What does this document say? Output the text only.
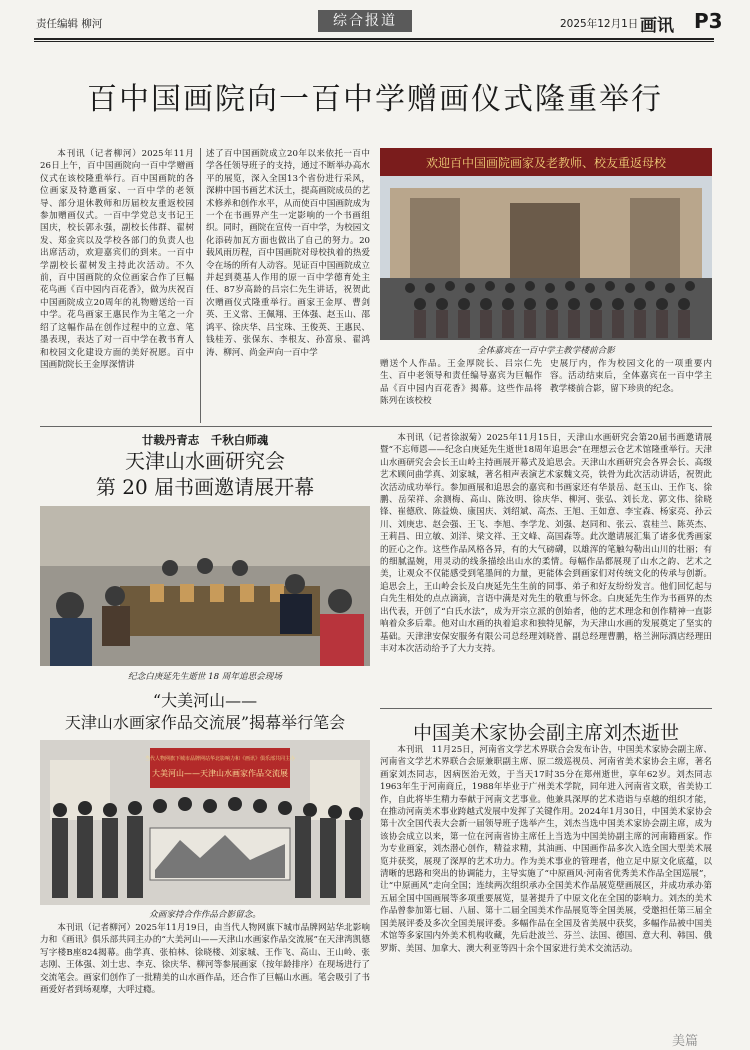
责任编辑 柳河	综合报道	2025年12月1日 画讯 P3
百中国画院向一百中学赠画仪式隆重举行

本刊讯（记者柳河）2025年11月26日上午，百中国画院向一百中学赠画仪式在该校隆重举行。百中国画院的各位画家及特邀画家、一百中学的老领导、部分退休教师和历届校友重返校园参加赠画仪式。一百中学党总支书记王国庆，校长郭永强，副校长伟群、翟树发、郑金宾以及学校各部门的负责人也出席活动，欢迎嘉宾们的到来。一百中学副校长翟树发主持此次活动。不久前，百中国画院的众位画家合作了巨幅花鸟画《百中园内百花香》，做为庆祝百中国画院成立20周年的礼物赠送给一百中学。花鸟画家王惠民作为主笔之一介绍了这幅作品在创作过程中的立意、笔墨表现，表达了对一百中学在教书育人和校园文化建设方面的美好祝愿。百中国画院院长王金厚深情讲

述了百中国画院成立20年以来依托一百中学各任领导班子的支持，通过不断举办高水平的展览，深入全国13个省份进行采风，深耕中国书画艺术沃土，提高画院成员的艺术修养和创作水平，从而使百中国画院成为一个在书画界产生一定影响的一个书画组织。同时，画院在宣传一百中学，为校园文化添砖加瓦方面也做出了自己的努力。20载风雨历程，百中国画院对母校执着的热爱令在场的所有人动容。见证百中国画院成立并起到奠基人作用的原一百中学德育处主任、87岁高龄的吕宗仁先生讲话，祝贺此次赠画仪式隆重举行。画家王金厚、曹剑英、王义常、王佩翔、王体强、赵玉山、邵鸿平、徐庆华、吕宝珠、王俊英、王惠民、钱桂芳、张保东、李根友、孙富泉、翟鸿涛、柳河、尚金声向一百中学

欢迎百中国画院画家及老教师、校友重返母校
全体嘉宾在一百中学主教学楼前合影

赠送个人作品。王金厚院长、吕宗仁先生、百中老领导和责任编导嘉宾为巨幅作品《百中园内百花香》揭幕。这些作品将陈列在该校校

史展厅内，作为校园文化的一项重要内容。活动结束后，全体嘉宾在一百中学主教学楼前合影，留下珍贵的纪念。

廿载丹青志　千秋白师魂
天津山水画研究会
第 20 届书画邀请展开幕
纪念白庚延先生逝世 18 周年追思会现场

本刊讯（记者徐淑菊）2025年11月15日，天津山水画研究会第20届书画邀请展暨“不忘师恩——纪念白庚延先生逝世18周年追思会”在理想云仓艺术馆隆重举行。天津山水画研究会会长王山岭主持画展开幕式及追思会。天津山水画研究会各界会长、高级艺术顾问曲学真、刘家城，著名相声表演艺术家魏文亮，铁骨为此次活动讲话，祝贺此次活动成功举行。参加画展和追思会的嘉宾和书画家还有华景岳、赵玉山、王作飞、徐鹏、岳荣祥、余测梅、高山、陈汝明、徐庆华、柳河、张弘、刘长龙、郭文伟、徐晓锋、崔德欣、陈益焕、康国庆、刘绍斌、高杰、王旭、王如意、李宝森、杨家亮、孙云川、刘庚忠、赵会强、王飞、李旭、李学龙、刘强、赵同和、张云、袁桂兰、陈英杰、王莉昌、田立敏、刘洋、梁文祥、王文峰、高国森等。此次邀请展汇集了诸多优秀画家的匠心之作。这些作品风格各异，有的大气磅礴，以雄浑的笔触勾勒出山川的壮丽；有的细腻温婉，用灵动的线条描绘出山水的柔情。每幅作品都展现了山水之韵、艺术之美，让观众不仅能感受到笔墨间的力量，更能体会到画家们对传统文化的传承与创新。追思会上，王山岭会长及白庚延先生生前的同事、弟子和好友纷纷发言。他们回忆起与白先生相处的点点滴滴，言语中满是对先生的敬重与怀念。白庚延先生作为书画界的杰出代表，开创了“白氏水法”，成为开宗立派的创始者，他的艺术理念和创作精神一直影响着众多后辈。他对山水画的执着追求和独特见解，为天津山水画的发展奠定了坚实的基础。天津津安保安服务有限公司总经理刘晓普、副总经理曹鹏，格兰洲际酒店经理田丰对本次活动给予了大力支持。

“大美河山——
天津山水画家作品交流展”揭幕举行笔会
当代人物网旗下城市品牌网站华北影响力和《画讯》俱乐部共同主办
大美河山——天津山水画家作品交流展
众画家持合作作品合影留念。

本刊讯（记者柳河）2025年11月19日，由当代人物网旗下城市品牌网站华北影响力和《画讯》俱乐部共同主办的“大美河山——天津山水画家作品交流展”在天津湾凯德写字楼B座824揭幕。曲学真、张柏林、徐晓楼、刘家城、王作飞、高山、王山岭、张志刚、王体强、刘士忠、李克、徐庆华、柳河等参展画家（按年龄排序）在现场进行了交流笔会。画家们创作了一批精美的山水画作品，还合作了巨幅山水画。笔会吸引了书画爱好者到场观摩，大呼过瘾。

中国美术家协会副主席刘杰逝世

本刊讯　11月25日，河南省文学艺术界联合会发布讣告，中国美术家协会副主席、河南省文学艺术界联合会原兼职副主席、原二级巡视员、河南省美术家协会主席，著名画家刘杰同志，因病医治无效，于当天17时35分在郑州逝世，享年62岁。刘杰同志1963年生于河南商丘，1988年毕业于广州美术学院，同年进入河南省文联，省美协工作，自此将毕生精力奉献于河南文艺事业。他兼具深厚的艺术造诣与卓越的组织才能，在推动河南美术事业跨越式发展中发挥了关键作用。2024年1月30日，中国美术家协会第十次全国代表大会新一届领导班子选举产生，刘杰当选中国美术家协会副主席，成为该协会成立以来，第一位在河南省协主席任上当选为中国美协副主席的河南籍画家。作为专业画家，刘杰潜心创作，精益求精，其油画、中国画作品多次入选全国大型美术展览并获奖，展现了深厚的艺术功力。作为美术事业的管理者，他立足中原文化底蕴，以清晰的思路和突出的协调能力，主导实施了“中原画风·河南省优秀美术作品全国巡展”，让“中原画风”走向全国；连续两次组织承办全国美术作品展览壁画展区，并成功承办第五届全国中国画展等多项重要展览，显著提升了中原文化在全国的影响力。刘杰的美术作品曾参加第七届、八届、第十二届全国美术作品展览等全国美展，受邀担任第三届全国美展评委及多次全国美展评委。多幅作品在全国及省美展中获奖，多幅作品被中国美术馆等多家国内外美术机构收藏，先后赴波兰、芬兰、法国、德国、意大利、韩国、俄罗斯、美国、加拿大、澳大利亚等四十余个国家进行美术交流活动。

美篇
